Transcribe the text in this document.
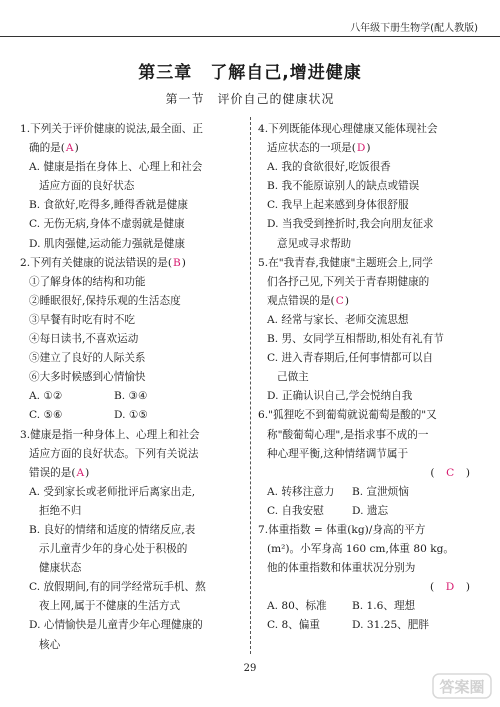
八年级下册生物学(配人教版)
第三章　了解自己,增进健康
第一节　评价自己的健康状况

1.下列关于评价健康的说法,最全面、正

确的是(A)

A. 健康是指在身体上、心理上和社会
适应方面的良好状态
B. 食欲好,吃得多,睡得香就是健康
C. 无伤无病,身体不虚弱就是健康
D. 肌肉强健,运动能力强就是健康

2.下列有关健康的说法错误的是(B)

①了解身体的结构和功能
②睡眠很好,保持乐观的生活态度
③早餐有时吃有时不吃
④每日读书,不喜欢运动
⑤建立了良好的人际关系
⑥大多时候感到心情愉快
A. ①②	B. ③④
C. ⑤⑥	D. ①⑤

3.健康是指一种身体上、心理上和社会

适应方面的良好状态。下列有关说法

错误的是(A)

A. 受到家长或老师批评后离家出走,
拒绝不归
B. 良好的情绪和适度的情绪反应,表
示儿童青少年的身心处于积极的
健康状态
C. 放假期间,有的同学经常玩手机、熬
夜上网,属于不健康的生活方式
D. 心情愉快是儿童青少年心理健康的
核心

4.下列既能体现心理健康又能体现社会

适应状态的一项是(D)

A. 我的食欲很好,吃饭很香
B. 我不能原谅别人的缺点或错误
C. 我早上起来感到身体很舒服
D. 当我受到挫折时,我会向朋友征求
意见或寻求帮助

5.在"我青春,我健康"主题班会上,同学

们各抒己见,下列关于青春期健康的

观点错误的是(C)

A. 经常与家长、老师交流思想
B. 男、女同学互相帮助,相处有礼有节
C. 进入青春期后,任何事情都可以自
己做主
D. 正确认识自己,学会悦纳自我

6."狐狸吃不到葡萄就说葡萄是酸的"又

称"酸葡萄心理",是指求事不成的一

种心理平衡,这种情绪调节属于

(　C　)

A. 转移注意力	B. 宣泄烦恼
C. 自我安慰	D. 遗忘

7.体重指数 = 体重(kg)/身高的平方

(m²)。小军身高 160 cm,体重 80 kg。

他的体重指数和体重状况分别为

(　D　)

A. 80、标准	B. 1.6、理想
C. 8、偏重	D. 31.25、肥胖
29
答案圈
